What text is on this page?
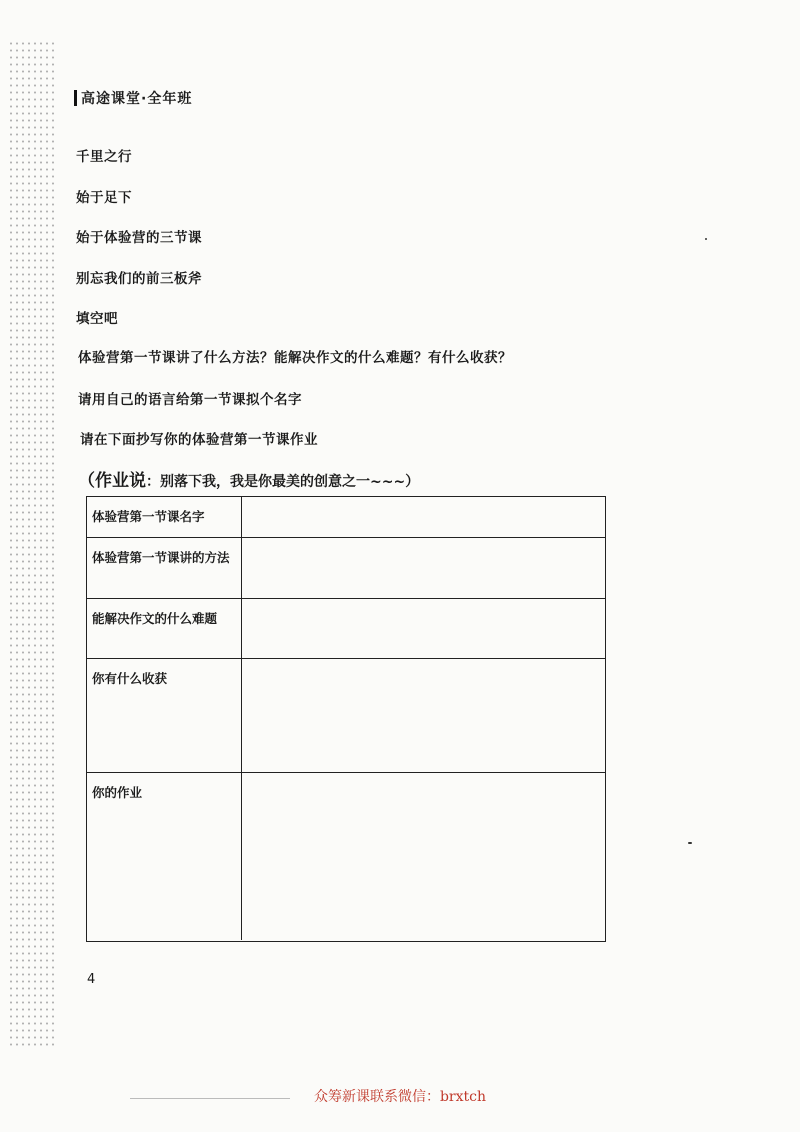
高途课堂·全年班
千里之行
始于足下
始于体验营的三节课
别忘我们的前三板斧
填空吧
体验营第一节课讲了什么方法？能解决作文的什么难题？有什么收获？
请用自己的语言给第一节课拟个名字
请在下面抄写你的体验营第一节课作业
（作业说：别落下我，我是你最美的创意之一~~~）
体验营第一节课名字
体验营第一节课讲的方法
能解决作文的什么难题
你有什么收获
你的作业
4
众筹新课联系微信：brxtch
